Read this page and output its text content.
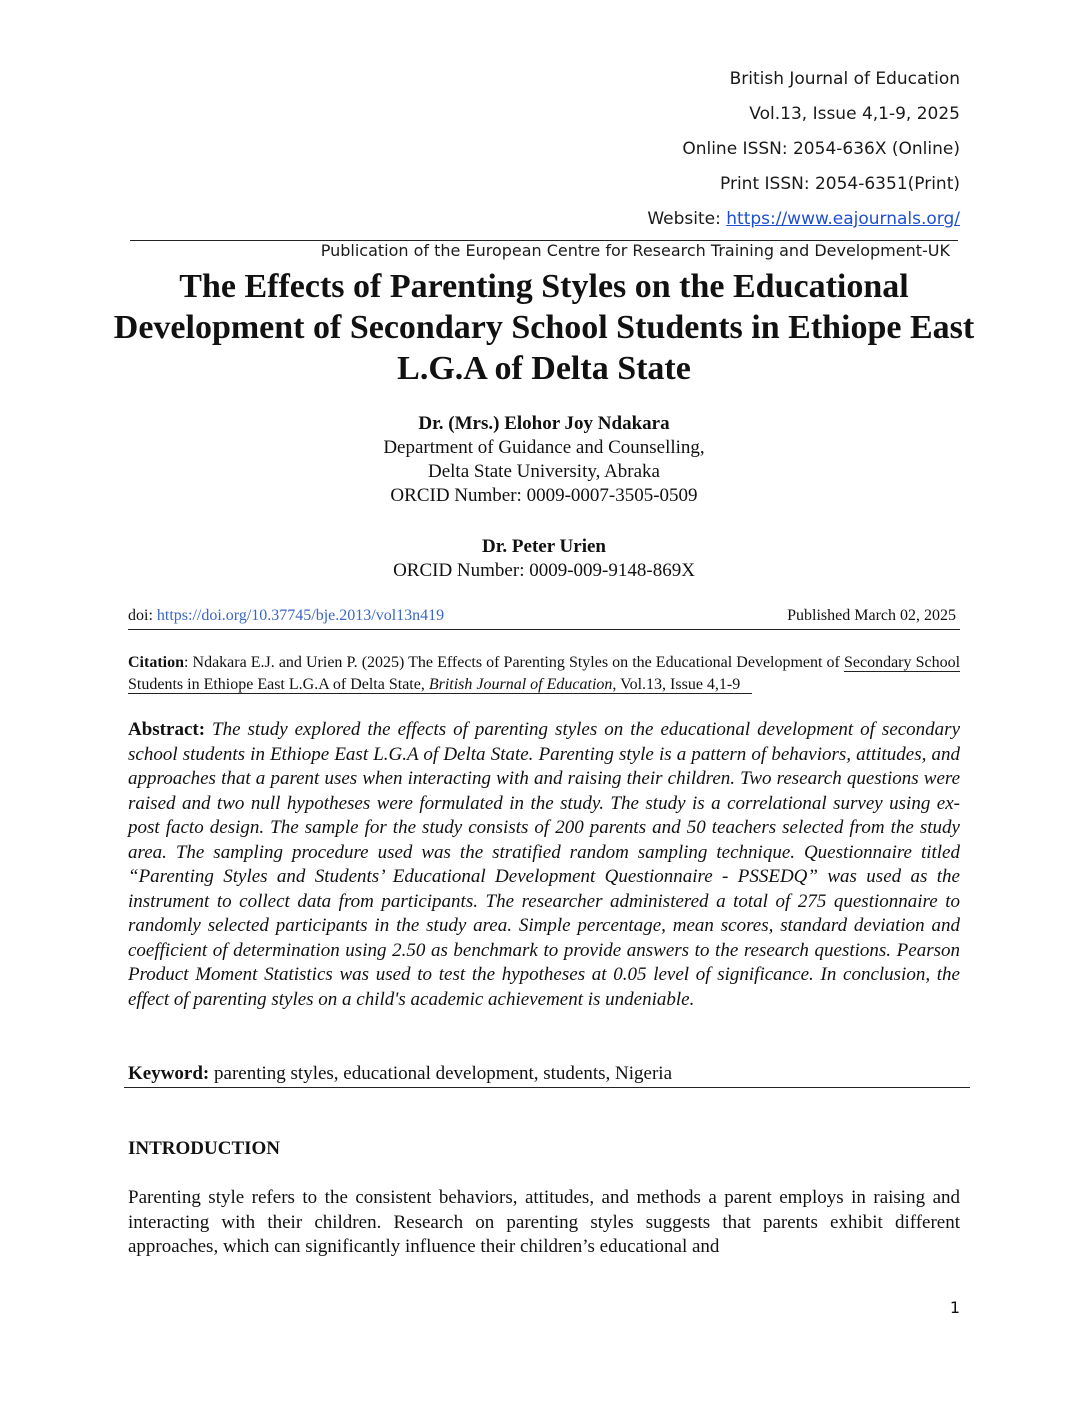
British Journal of Education
Vol.13, Issue 4,1-9, 2025
Online ISSN: 2054-636X (Online)
Print ISSN: 2054-6351(Print)
Website: https://www.eajournals.org/
Publication of the European Centre for Research Training and Development-UK
The Effects of Parenting Styles on the Educational Development of Secondary School Students in Ethiope East L.G.A of Delta State
Dr. (Mrs.) Elohor Joy Ndakara
Department of Guidance and Counselling,
Delta State University, Abraka
ORCID Number: 0009-0007-3505-0509
Dr. Peter Urien
ORCID Number: 0009-009-9148-869X
doi: https://doi.org/10.37745/bje.2013/vol13n419	Published March 02, 2025
Citation: Ndakara E.J. and Urien P. (2025) The Effects of Parenting Styles on the Educational Development of Secondary School Students in Ethiope East L.G.A of Delta State, British Journal of Education, Vol.13, Issue 4,1-9
Abstract: The study explored the effects of parenting styles on the educational development of secondary school students in Ethiope East L.G.A of Delta State. Parenting style is a pattern of behaviors, attitudes, and approaches that a parent uses when interacting with and raising their children. Two research questions were raised and two null hypotheses were formulated in the study. The study is a correlational survey using ex-post facto design. The sample for the study consists of 200 parents and 50 teachers selected from the study area. The sampling procedure used was the stratified random sampling technique. Questionnaire titled “Parenting Styles and Students’ Educational Development Questionnaire - PSSEDQ” was used as the instrument to collect data from participants. The researcher administered a total of 275 questionnaire to randomly selected participants in the study area. Simple percentage, mean scores, standard deviation and coefficient of determination using 2.50 as benchmark to provide answers to the research questions. Pearson Product Moment Statistics was used to test the hypotheses at 0.05 level of significance. In conclusion, the effect of parenting styles on a child's academic achievement is undeniable.
Keyword: parenting styles, educational development, students, Nigeria
INTRODUCTION
Parenting style refers to the consistent behaviors, attitudes, and methods a parent employs in raising and interacting with their children. Research on parenting styles suggests that parents exhibit different approaches, which can significantly influence their children’s educational and
1
